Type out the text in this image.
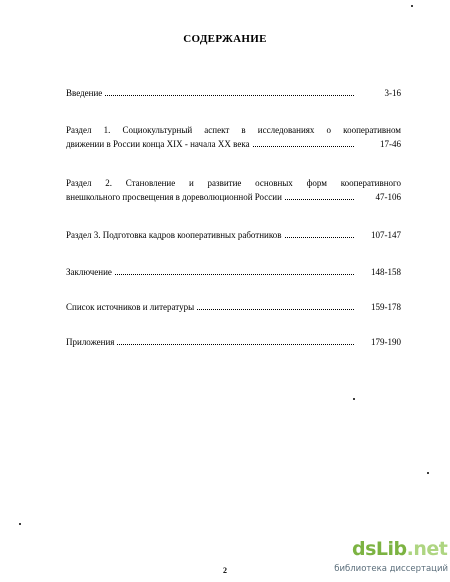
СОДЕРЖАНИЕ
Введение	3-16
Раздел 1. Социокультурный аспект в исследованиях о кооперативном
движении в России конца XIX - начала XX века	17-46
Раздел 2. Становление и развитие основных форм кооперативного
внешкольного просвещения в дореволюционной России	47-106
Раздел 3. Подготовка кадров кооперативных работников	107-147
Заключение	148-158
Список источников и литературы	159-178
Приложения	179-190
2
dsLib.net
библиотека диссертаций
